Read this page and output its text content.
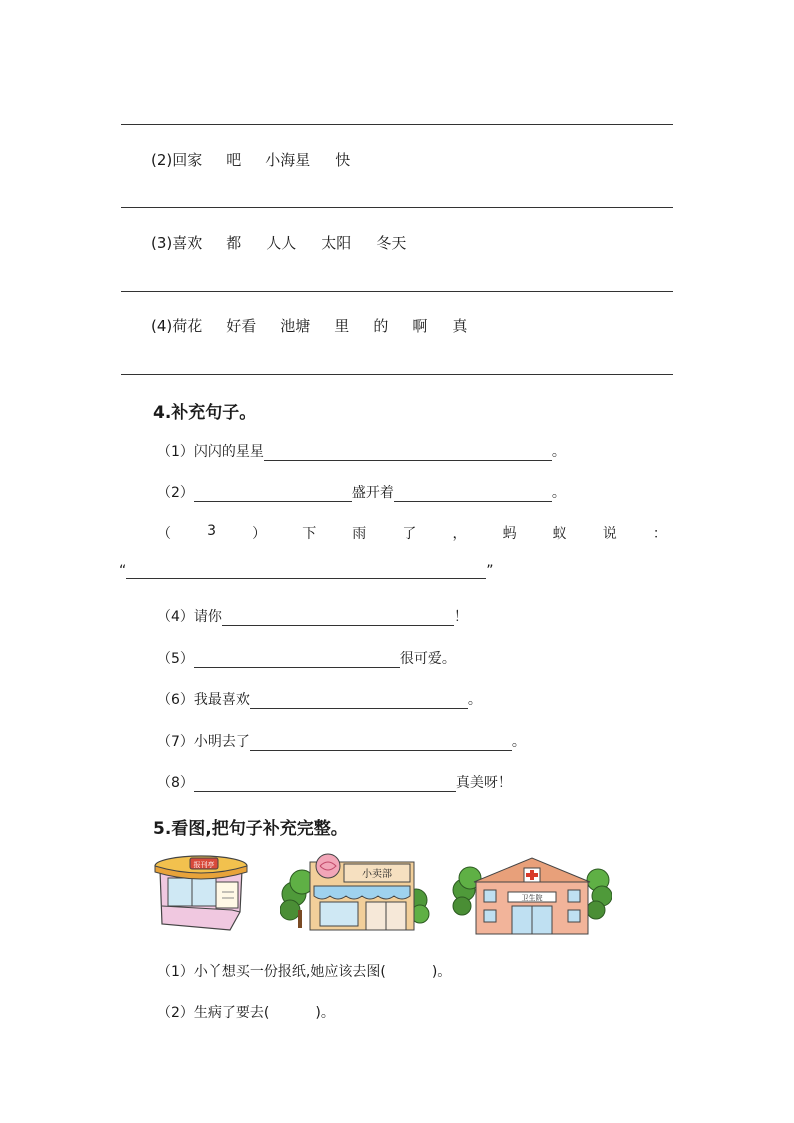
(2) 回家 吧 小海星 快
(3) 喜欢 都 人人 太阳 冬天
(4) 荷花 好看 池塘 里 的 啊 真
4.补充句子。
（1） 闪闪的星星	。
（2）	盛开着	。
（	3	）	下	雨	了	，	蚂	蚁	说	：
“	”
（4） 请你	！
（5）	很可爱。
（6） 我最喜欢	。
（7） 小明去了	。
（8）	真美呀！
5.看图,把句子补充完整。
报刊亭
小卖部
卫生院
（1） 小丫想买一份报纸,她应该去图(	)。
（2） 生病了要去(	)。
